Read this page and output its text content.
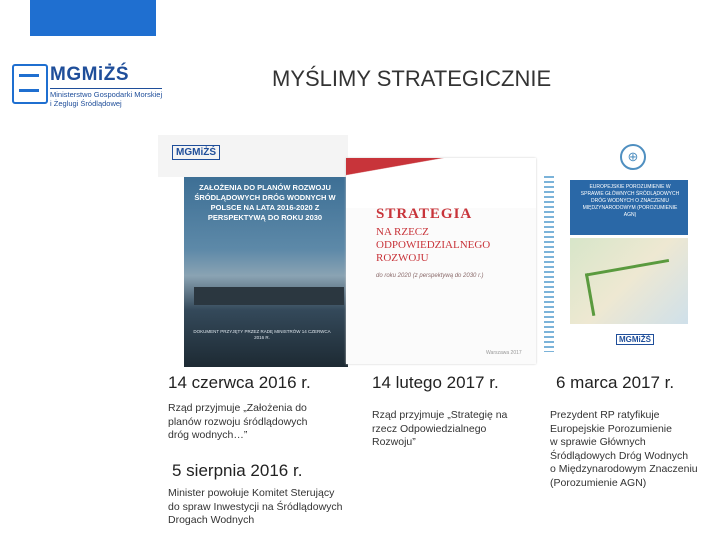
MGMiŻŚ
Ministerstwo Gospodarki Morskiej
i Żeglugi Śródlądowej
MYŚLIMY STRATEGICZNIE
MGMiŻŚ
ZAŁOŻENIA DO PLANÓW ROZWOJU ŚRÓDLĄDOWYCH DRÓG WODNYCH W POLSCE NA LATA 2016-2020 Z PERSPEKTYWĄ DO ROKU 2030
DOKUMENT PRZYJĘTY PRZEZ RADĘ MINISTRÓW 14 CZERWCA 2016 R.
STRATEGIA
NA RZECZ ODPOWIEDZIALNEGO ROZWOJU
do roku 2020 (z perspektywą do 2030 r.)
Warszawa 2017
⊕
EUROPEJSKIE POROZUMIENIE W SPRAWIE GŁÓWNYCH ŚRÓDLĄDOWYCH DRÓG WODNYCH O ZNACZENIU MIĘDZYNARODOWYM (POROZUMIENIE AGN)
MGMiŻŚ
14 czerwca 2016 r.
Rząd przyjmuje „Założenia do
planów rozwoju śródlądowych
dróg wodnych…”
14 lutego 2017 r.
Rząd przyjmuje „Strategię na
rzecz Odpowiedzialnego
Rozwoju”
6 marca 2017 r.
Prezydent RP ratyfikuje
Europejskie Porozumienie
w sprawie Głównych
Śródlądowych Dróg Wodnych
o Międzynarodowym Znaczeniu
(Porozumienie AGN)
5 sierpnia 2016 r.
Minister powołuje Komitet Sterujący
do spraw Inwestycji na Śródlądowych
Drogach Wodnych
